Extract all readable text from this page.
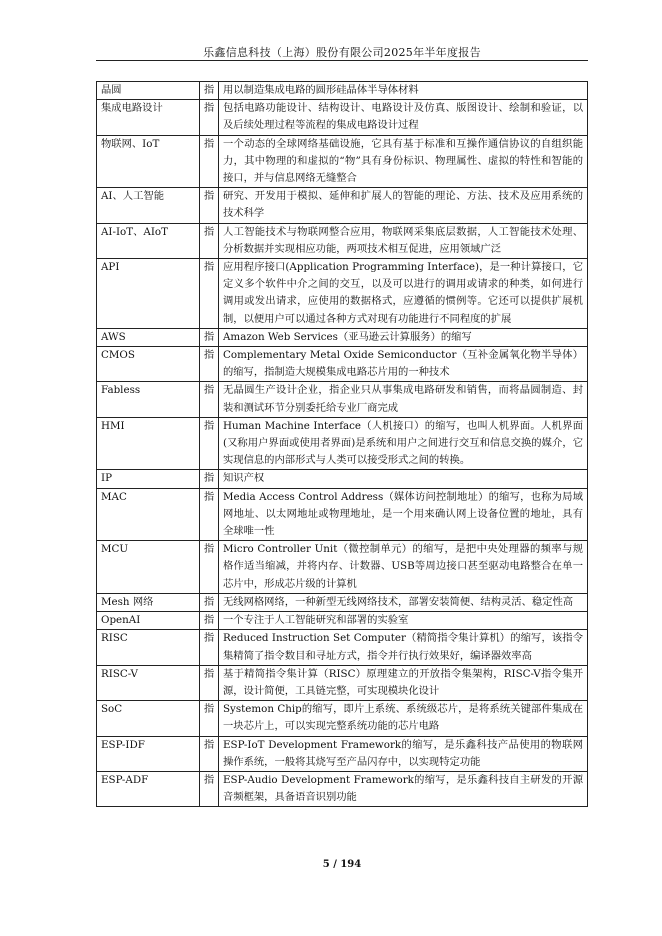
乐鑫信息科技（上海）股份有限公司2025年半年度报告
晶圆	指	用以制造集成电路的圆形硅晶体半导体材料
集成电路设计	指	包括电路功能设计、结构设计、电路设计及仿真、版图设计、绘制和验证，以及后续处理过程等流程的集成电路设计过程
物联网、IoT	指	一个动态的全球网络基础设施，它具有基于标准和互操作通信协议的自组织能力，其中物理的和虚拟的“物”具有身份标识、物理属性、虚拟的特性和智能的接口，并与信息网络无缝整合
AI、人工智能	指	研究、开发用于模拟、延伸和扩展人的智能的理论、方法、技术及应用系统的技术科学
AI-IoT、AIoT	指	人工智能技术与物联网整合应用，物联网采集底层数据，人工智能技术处理、分析数据并实现相应功能，两项技术相互促进，应用领域广泛
API	指	应用程序接口(Application Programming Interface)，是一种计算接口，它定义多个软件中介之间的交互，以及可以进行的调用或请求的种类，如何进行调用或发出请求，应使用的数据格式，应遵循的惯例等。它还可以提供扩展机制，以便用户可以通过各种方式对现有功能进行不同程度的扩展
AWS	指	Amazon Web Services（亚马逊云计算服务）的缩写
CMOS	指	Complementary Metal Oxide Semiconductor（互补金属氧化物半导体）的缩写，指制造大规模集成电路芯片用的一种技术
Fabless	指	无晶圆生产设计企业，指企业只从事集成电路研发和销售，而将晶圆制造、封装和测试环节分别委托给专业厂商完成
HMI	指	Human Machine Interface（人机接口）的缩写，也叫人机界面。人机界面(又称用户界面或使用者界面)是系统和用户之间进行交互和信息交换的媒介，它实现信息的内部形式与人类可以接受形式之间的转换。
IP	指	知识产权
MAC	指	Media Access Control Address（媒体访问控制地址）的缩写，也称为局域网地址、以太网地址或物理地址，是一个用来确认网上设备位置的地址，具有全球唯一性
MCU	指	Micro Controller Unit（微控制单元）的缩写，是把中央处理器的频率与规格作适当缩减，并将内存、计数器、USB等周边接口甚至驱动电路整合在单一芯片中，形成芯片级的计算机
Mesh 网络	指	无线网格网络，一种新型无线网络技术，部署安装简便、结构灵活、稳定性高
OpenAI	指	一个专注于人工智能研究和部署的实验室
RISC	指	Reduced Instruction Set Computer（精简指令集计算机）的缩写，该指令集精简了指令数目和寻址方式，指令并行执行效果好，编译器效率高
RISC-V	指	基于精简指令集计算（RISC）原理建立的开放指令集架构，RISC-V指令集开源，设计简便，工具链完整，可实现模块化设计
SoC	指	Systemon Chip的缩写，即片上系统、系统级芯片，是将系统关键部件集成在一块芯片上，可以实现完整系统功能的芯片电路
ESP-IDF	指	ESP-IoT Development Framework的缩写，是乐鑫科技产品使用的物联网操作系统，一般将其烧写至产品闪存中，以实现特定功能
ESP-ADF	指	ESP-Audio Development Framework的缩写，是乐鑫科技自主研发的开源音频框架，具备语音识别功能
5 / 194
